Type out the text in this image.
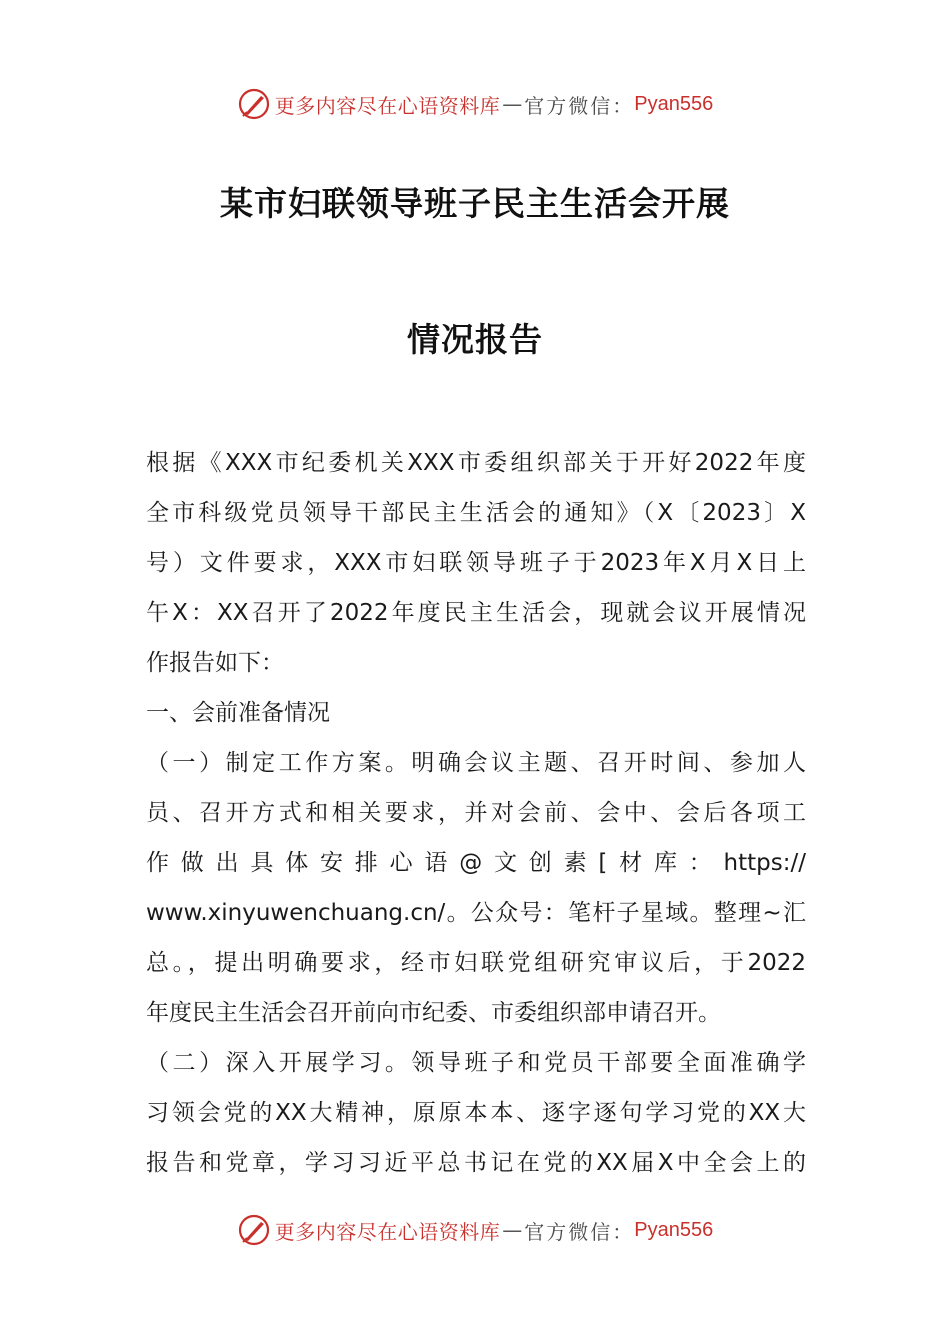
更多内容尽在心语资料库 — 官方微信： Pyan556
某市妇联领导班子民主生活会开展
情况报告
根据《XXX市纪委机关XXX市委组织部关于开好2022年度
全市科级党员领导干部民主生活会的通知》（X〔2023〕X
号）文件要求，XXX市妇联领导班子于2023年X月X日上
午X：XX召开了2022年度民主生活会，现就会议开展情况
作报告如下：
一、会前准备情况
（一）制定工作方案。明确会议主题、召开时间、参加人
员、召开方式和相关要求，并对会前、会中、会后各项工
作做出具体安排心语@文创素[材库：https://
www.xinyuwenchuang.cn/。公众号：笔杆子星域。整理~汇
总。，提出明确要求，经市妇联党组研究审议后，于2022
年度民主生活会召开前向市纪委、市委组织部申请召开。
（二）深入开展学习。领导班子和党员干部要全面准确学
习领会党的XX大精神，原原本本、逐字逐句学习党的XX大
报告和党章，学习习近平总书记在党的XX届X中全会上的
更多内容尽在心语资料库 — 官方微信： Pyan556
